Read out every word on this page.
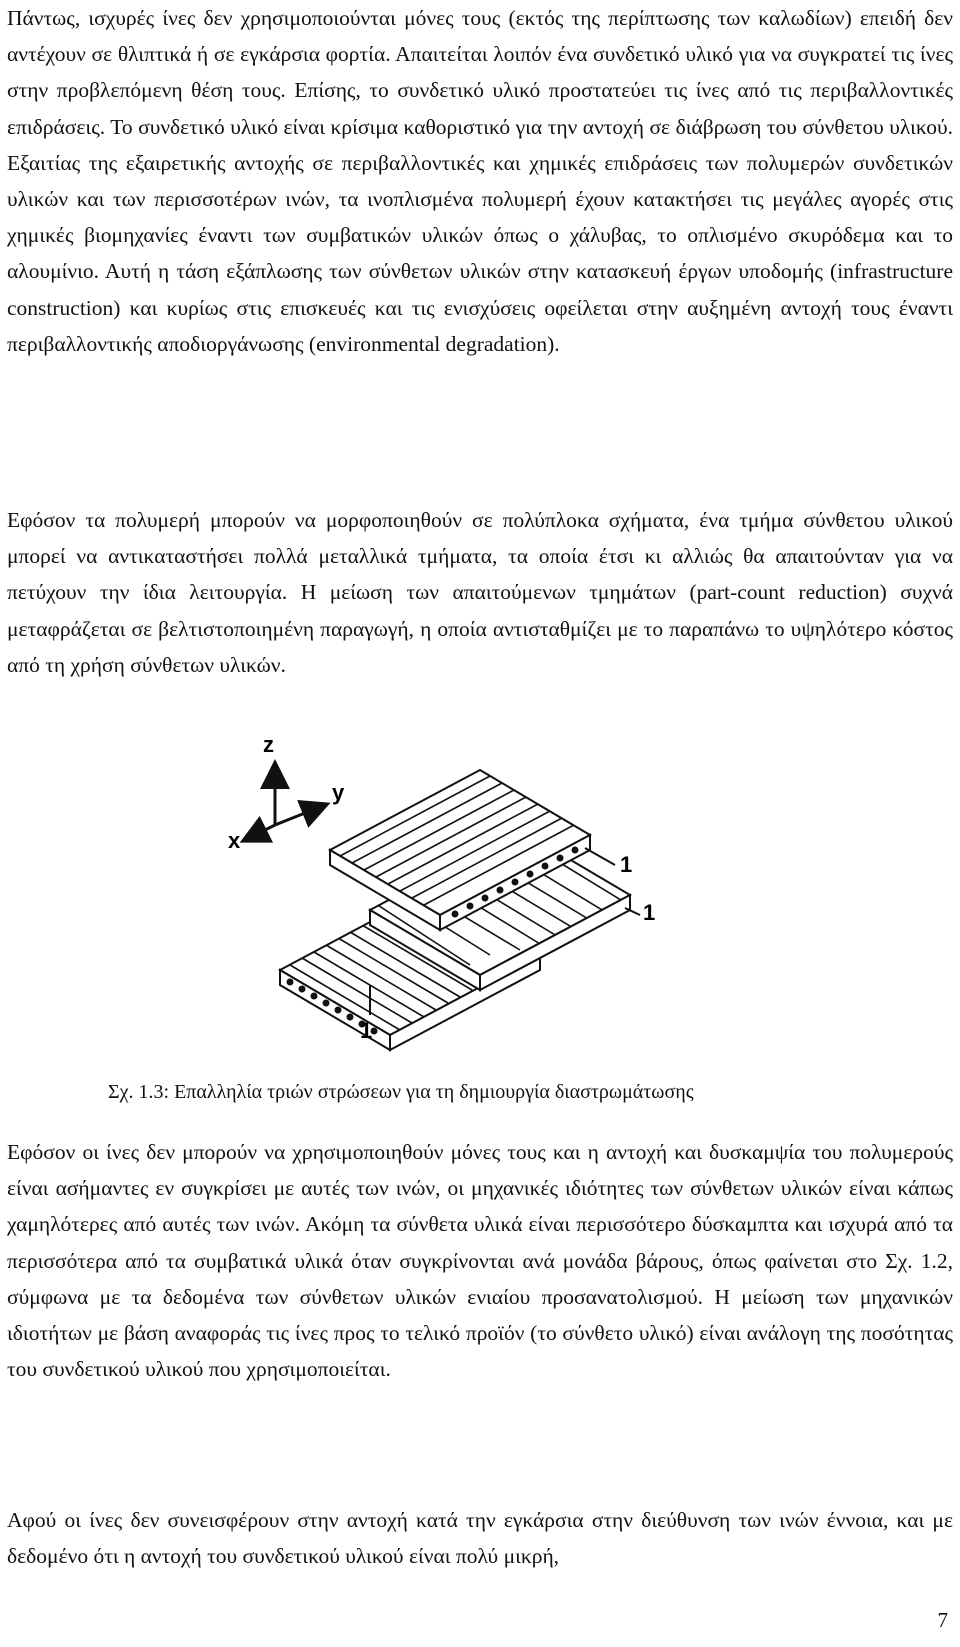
Πάντως, ισχυρές ίνες δεν χρησιμοποιούνται μόνες τους (εκτός της περίπτωσης των καλωδίων) επειδή δεν αντέχουν σε θλιπτικά ή σε εγκάρσια φορτία. Απαιτείται λοιπόν ένα συνδετικό υλικό για να συγκρατεί τις ίνες στην προβλεπόμενη θέση τους. Επίσης, το συνδετικό υλικό προστατεύει τις ίνες από τις περιβαλλοντικές επιδράσεις. Το συνδετικό υλικό είναι κρίσιμα καθοριστικό για την αντοχή σε διάβρωση του σύνθετου υλικού. Εξαιτίας της εξαιρετικής αντοχής σε περιβαλλοντικές και χημικές επιδράσεις των πολυμερών συνδετικών υλικών και των περισσοτέρων ινών, τα ινοπλισμένα πολυμερή έχουν κατακτήσει τις μεγάλες αγορές στις χημικές βιομηχανίες έναντι των συμβατικών υλικών όπως ο χάλυβας, το οπλισμένο σκυρόδεμα και το αλουμίνιο. Αυτή η τάση εξάπλωσης των σύνθετων υλικών στην κατασκευή έργων υποδομής (infrastructure construction) και κυρίως στις επισκευές και τις ενισχύσεις οφείλεται στην αυξημένη αντοχή τους έναντι περιβαλλοντικής αποδιοργάνωσης (environmental degradation).

Εφόσον τα πολυμερή μπορούν να μορφοποιηθούν σε πολύπλοκα σχήματα, ένα τμήμα σύνθετου υλικού μπορεί να αντικαταστήσει πολλά μεταλλικά τμήματα, τα οποία έτσι κι αλλιώς θα απαιτούνταν για να πετύχουν την ίδια λειτουργία. Η μείωση των απαιτούμενων τμημάτων (part-count reduction) συχνά μεταφράζεται σε βελτιστοποιημένη παραγωγή, η οποία αντισταθμίζει με το παραπάνω το υψηλότερο κόστος από τη χρήση σύνθετων υλικών.

z
x
y
1
1
1
Σχ. 1.3: Επαλληλία τριών στρώσεων για τη δημιουργία διαστρωμάτωσης

Εφόσον οι ίνες δεν μπορούν να χρησιμοποιηθούν μόνες τους και η αντοχή και δυσκαμψία του πολυμερούς είναι ασήμαντες εν συγκρίσει με αυτές των ινών, οι μηχανικές ιδιότητες των σύνθετων υλικών είναι κάπως χαμηλότερες από αυτές των ινών. Ακόμη τα σύνθετα υλικά είναι περισσότερο δύσκαμπτα και ισχυρά από τα περισσότερα από τα συμβατικά υλικά όταν συγκρίνονται ανά μονάδα βάρους, όπως φαίνεται στο Σχ. 1.2, σύμφωνα με τα δεδομένα των σύνθετων υλικών ενιαίου προσανατολισμού. Η μείωση των μηχανικών ιδιοτήτων με βάση αναφοράς τις ίνες προς το τελικό προϊόν (το σύνθετο υλικό) είναι ανάλογη της ποσότητας του συνδετικού υλικού που χρησιμοποιείται.

Αφού οι ίνες δεν συνεισφέρουν στην αντοχή κατά την εγκάρσια στην διεύθυνση των ινών έννοια, και με δεδομένο ότι η αντοχή του συνδετικού υλικού είναι πολύ μικρή,

7
